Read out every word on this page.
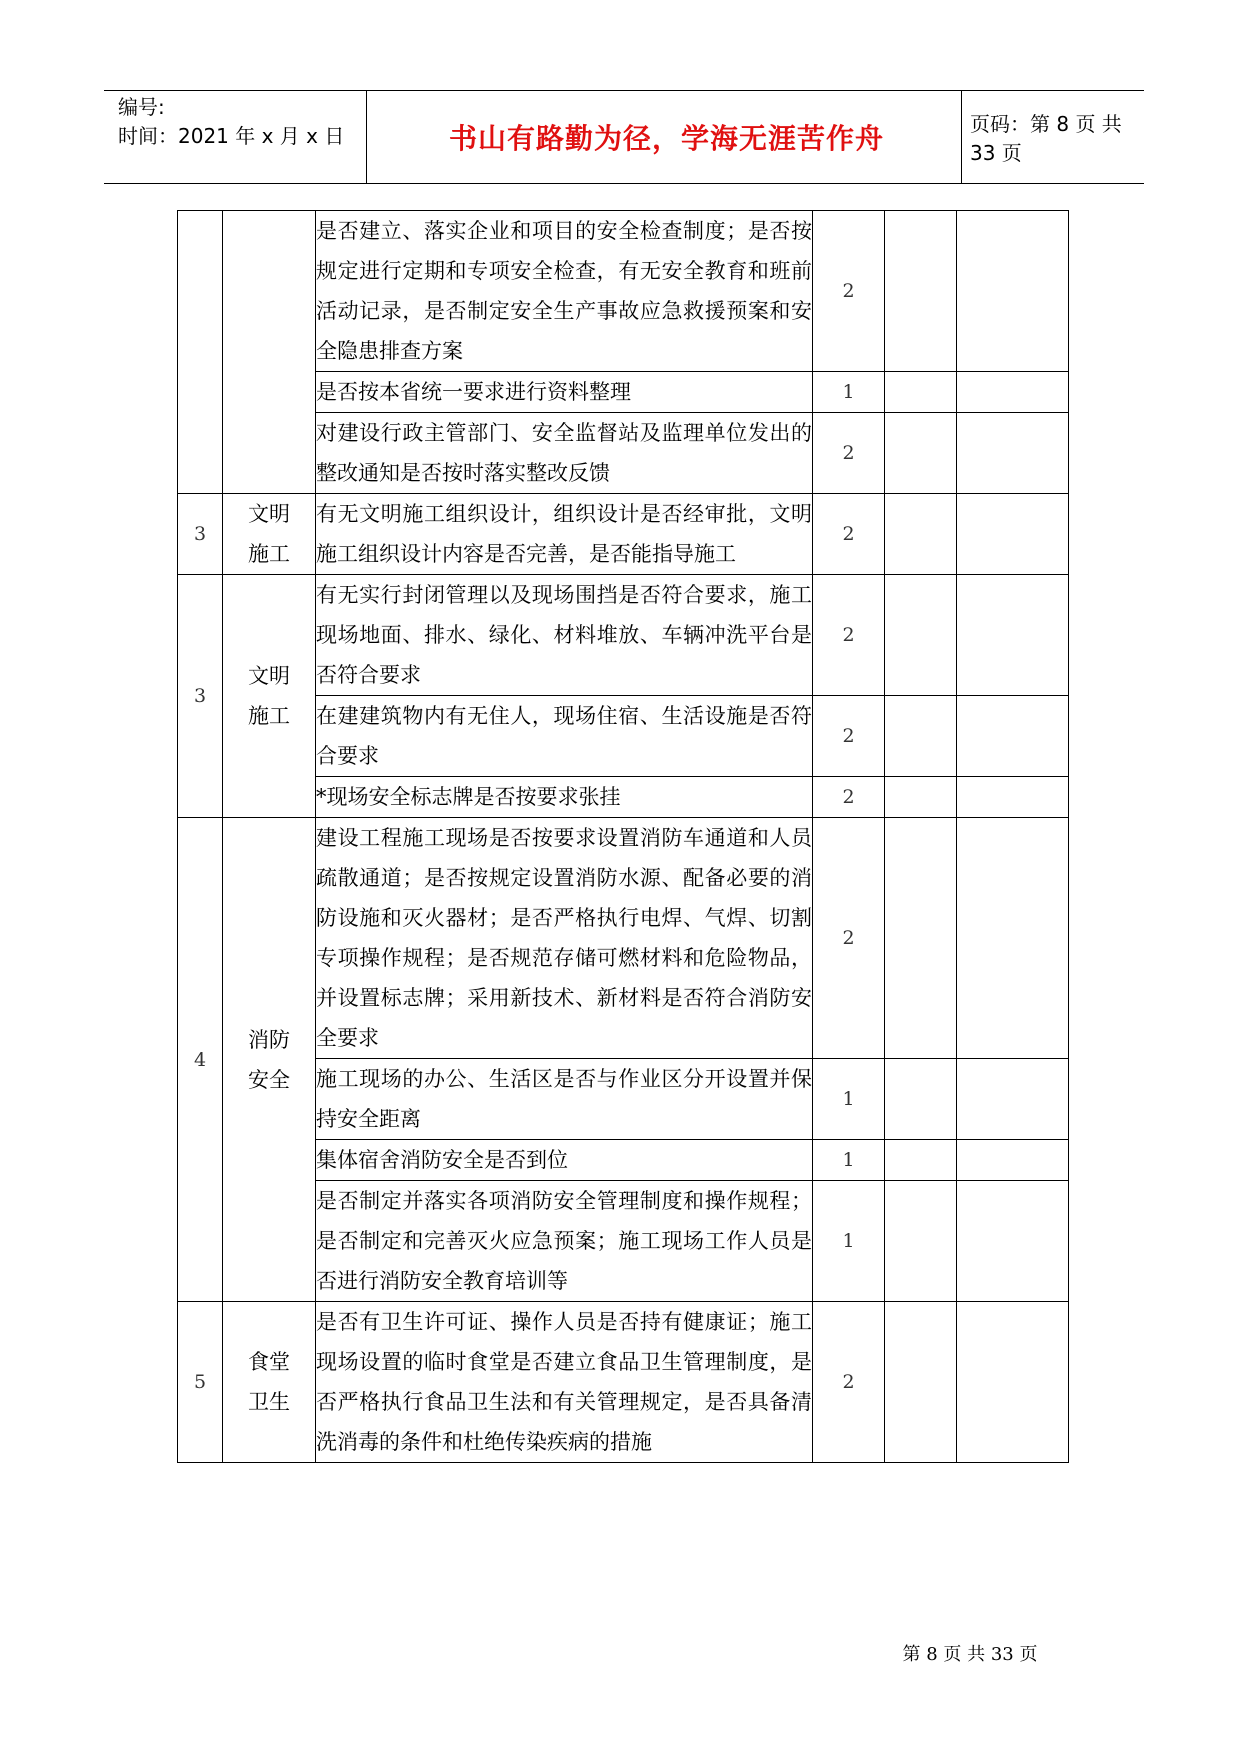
编号:
时间：2021 年 x 月 x 日	书山有路勤为径，学海无涯苦作舟	页码：第 8 页 共 33 页
		是否建立、落实企业和项目的安全检查制度；是否按规定进行定期和专项安全检查，有无安全教育和班前活动记录，是否制定安全生产事故应急救援预案和安全隐患排查方案	2		
		是否按本省统一要求进行资料整理	1		
		对建设行政主管部门、安全监督站及监理单位发出的整改通知是否按时落实整改反馈	2		
3	文明施工	有无文明施工组织设计，组织设计是否经审批，文明施工组织设计内容是否完善，是否能指导施工	2		
3	文明施工	有无实行封闭管理以及现场围挡是否符合要求，施工现场地面、排水、绿化、材料堆放、车辆冲洗平台是否符合要求	2		
		在建建筑物内有无住人，现场住宿、生活设施是否符合要求	2		
		*现场安全标志牌是否按要求张挂	2		
4	消防安全	建设工程施工现场是否按要求设置消防车通道和人员疏散通道；是否按规定设置消防水源、配备必要的消防设施和灭火器材；是否严格执行电焊、气焊、切割专项操作规程；是否规范存储可燃材料和危险物品，并设置标志牌；采用新技术、新材料是否符合消防安全要求	2		
		施工现场的办公、生活区是否与作业区分开设置并保持安全距离	1		
		集体宿舍消防安全是否到位	1		
		是否制定并落实各项消防安全管理制度和操作规程；是否制定和完善灭火应急预案；施工现场工作人员是否进行消防安全教育培训等	1		
5	食堂卫生	是否有卫生许可证、操作人员是否持有健康证；施工现场设置的临时食堂是否建立食品卫生管理制度，是否严格执行食品卫生法和有关管理规定，是否具备清洗消毒的条件和杜绝传染疾病的措施	2		
第 8 页 共 33 页
